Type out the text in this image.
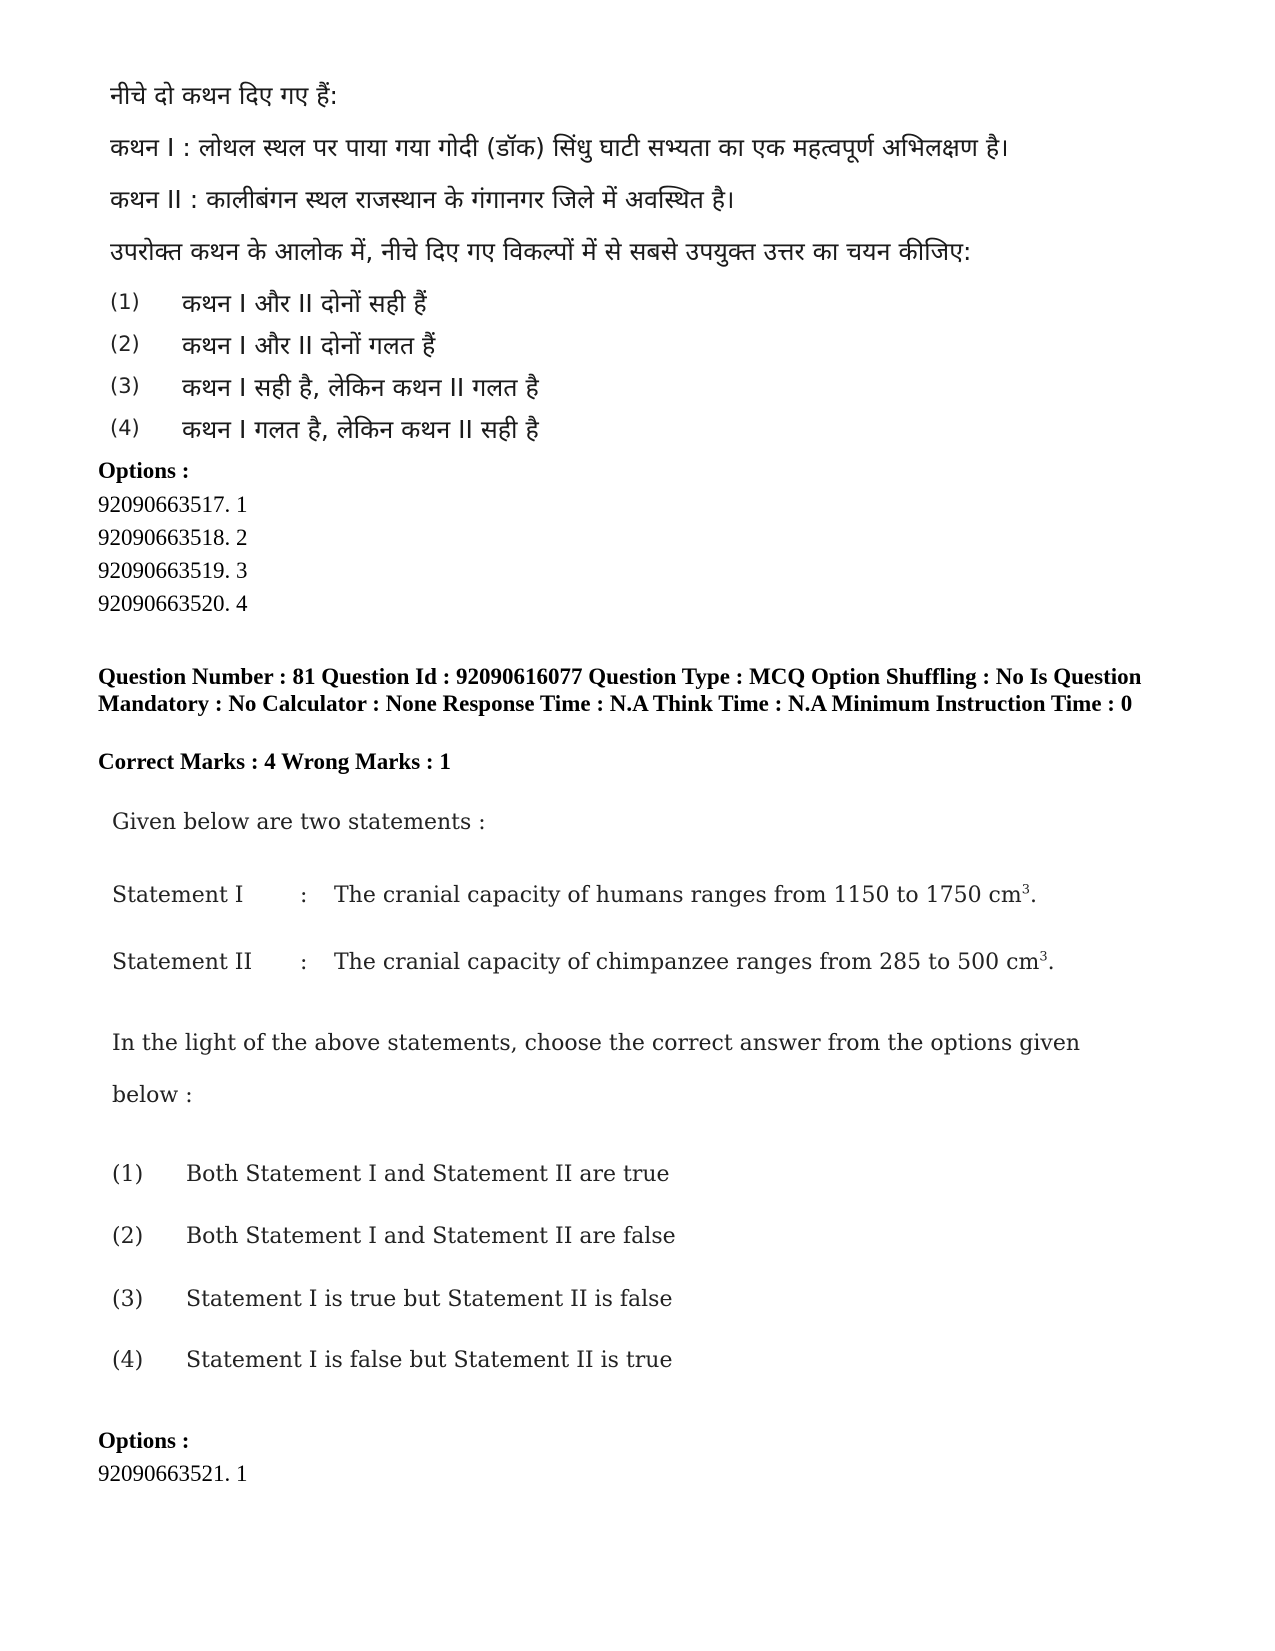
नीचे दो कथन दिए गए हैं:
कथन I : लोथल स्थल पर पाया गया गोदी (डॉक) सिंधु घाटी सभ्यता का एक महत्वपूर्ण अभिलक्षण है।
कथन II : कालीबंगन स्थल राजस्थान के गंगानगर जिले में अवस्थित है।
उपरोक्त कथन के आलोक में, नीचे दिए गए विकल्पों में से सबसे उपयुक्त उत्तर का चयन कीजिए:
(1) कथन I और II दोनों सही हैं
(2) कथन I और II दोनों गलत हैं
(3) कथन I सही है, लेकिन कथन II गलत है
(4) कथन I गलत है, लेकिन कथन II सही है
Options :
92090663517. 1
92090663518. 2
92090663519. 3
92090663520. 4
Question Number : 81 Question Id : 92090616077 Question Type : MCQ Option Shuffling : No Is Question Mandatory : No Calculator : None Response Time : N.A Think Time : N.A Minimum Instruction Time : 0
Correct Marks : 4 Wrong Marks : 1
Given below are two statements :
Statement I	: The cranial capacity of humans ranges from 1150 to 1750 $cm^3$.
Statement II : The cranial capacity of chimpanzee ranges from 285 to 500 $cm^3$.
In the light of the above statements, choose the correct answer from the options given
below :
(1) Both Statement I and Statement II are true
(2) Both Statement I and Statement II are false
(3) Statement I is true but Statement II is false
(4) Statement I is false but Statement II is true
Options :
92090663521. 1
